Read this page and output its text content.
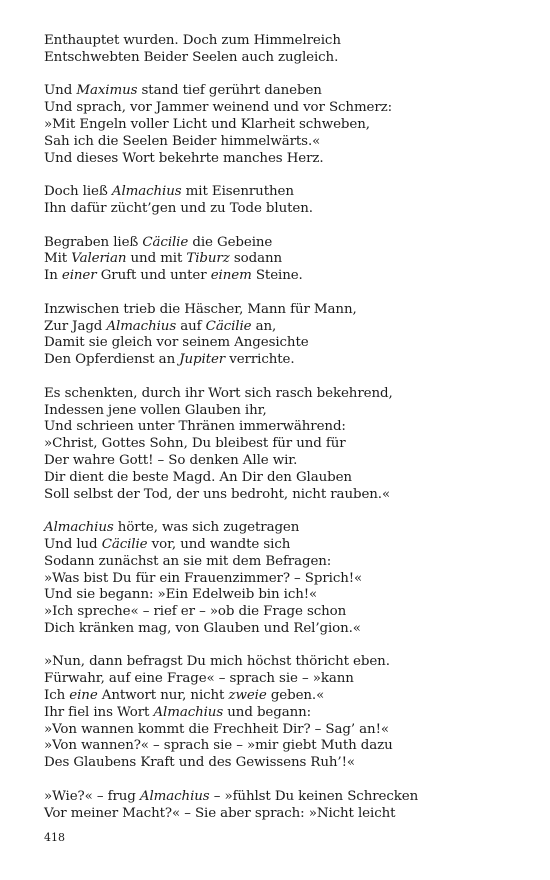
Enthauptet wurden. Doch zum Himmelreich
Entschwebten Beider Seelen auch zugleich.
Und Maximus stand tief gerührt daneben
Und sprach, vor Jammer weinend und vor Schmerz:
»Mit Engeln voller Licht und Klarheit schweben,
Sah ich die Seelen Beider himmelwärts.«
Und dieses Wort bekehrte manches Herz.
Doch ließ Almachius mit Eisenruthen
Ihn dafür zücht’gen und zu Tode bluten.
Begraben ließ Cäcilie die Gebeine
Mit Valerian und mit Tiburz sodann
In einer Gruft und unter einem Steine.
Inzwischen trieb die Häscher, Mann für Mann,
Zur Jagd Almachius auf Cäcilie an,
Damit sie gleich vor seinem Angesichte
Den Opferdienst an Jupiter verrichte.
Es schenkten, durch ihr Wort sich rasch bekehrend,
Indessen jene vollen Glauben ihr,
Und schrieen unter Thränen immerwährend:
»Christ, Gottes Sohn, Du bleibest für und für
Der wahre Gott! – So denken Alle wir.
Dir dient die beste Magd. An Dir den Glauben
Soll selbst der Tod, der uns bedroht, nicht rauben.«
Almachius hörte, was sich zugetragen
Und lud Cäcilie vor, und wandte sich
Sodann zunächst an sie mit dem Befragen:
»Was bist Du für ein Frauenzimmer? – Sprich!«
Und sie begann: »Ein Edelweib bin ich!«
»Ich spreche« – rief er – »ob die Frage schon
Dich kränken mag, von Glauben und Rel’gion.«
»Nun, dann befragst Du mich höchst thöricht eben.
Fürwahr, auf eine Frage« – sprach sie – »kann
Ich eine Antwort nur, nicht zweie geben.«
Ihr fiel ins Wort Almachius und begann:
»Von wannen kommt die Frechheit Dir? – Sag’ an!«
»Von wannen?« – sprach sie – »mir giebt Muth dazu
Des Glaubens Kraft und des Gewissens Ruh’!«
»Wie?« – frug Almachius – »fühlst Du keinen Schrecken
Vor meiner Macht?« – Sie aber sprach: »Nicht leicht
418
